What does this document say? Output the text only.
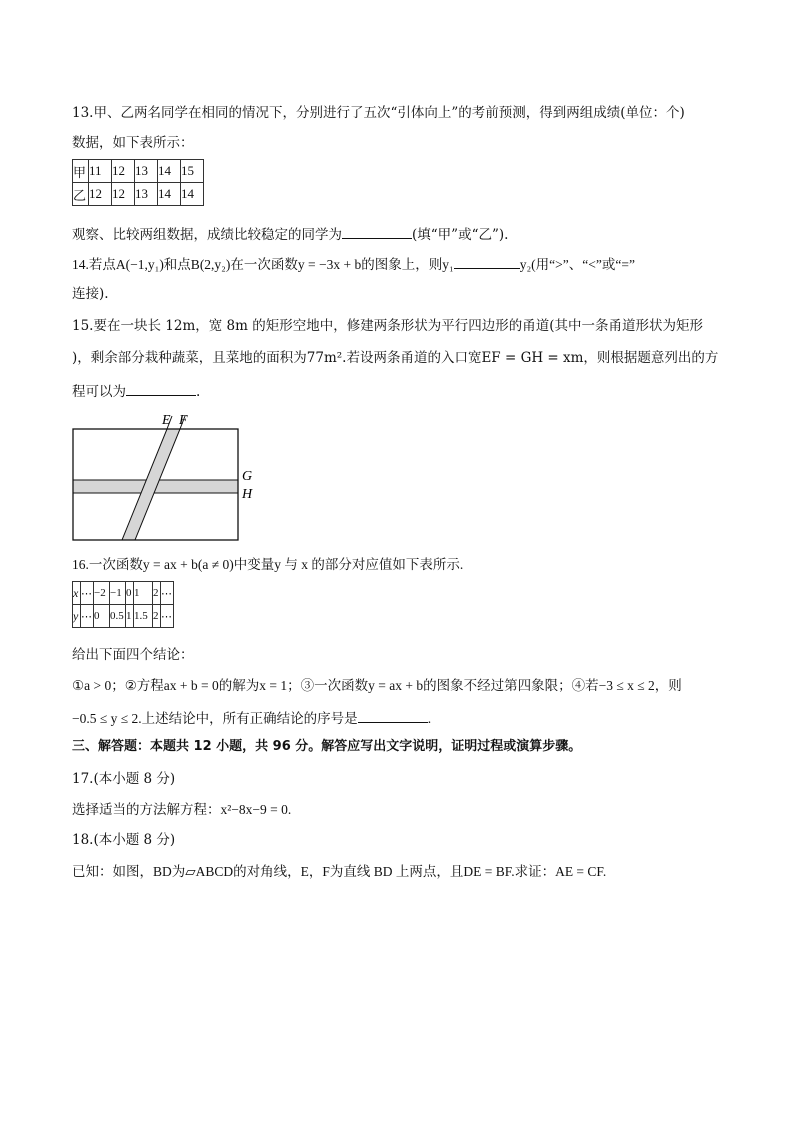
13.甲、乙两名同学在相同的情况下，分别进行了五次“引体向上”的考前预测，得到两组成绩(单位：个)
数据，如下表所示：
甲	11	12	13	14	15
乙	12	12	13	14	14
观察、比较两组数据，成绩比较稳定的同学为	(填“甲”或“乙”).
14.若点A(−1,y₁)和点B(2,y₂)在一次函数y = −3x + b的图象上，则y₁	y₂(用“>”、“<”或“=”
连接).
15.要在一块长 12m，宽 8m 的矩形空地中，修建两条形状为平行四边形的甬道(其中一条甬道形状为矩形
)，剩余部分栽种蔬菜，且菜地的面积为77m².若设两条甬道的入口宽EF = GH = xm，则根据题意列出的方
程可以为	.
E F
G
H
16.一次函数y = ax + b(a ≠ 0)中变量y 与 x 的部分对应值如下表所示.
x	⋯	−2	−1	0	1	2	⋯
y	⋯	0	0.5	1	1.5	2	⋯
给出下面四个结论：
①a > 0；②方程ax + b = 0的解为x = 1；③一次函数y = ax + b的图象不经过第四象限；④若−3 ≤ x ≤ 2，则
−0.5 ≤ y ≤ 2.上述结论中，所有正确结论的序号是	.
三、解答题：本题共 12 小题，共 96 分。解答应写出文字说明，证明过程或演算步骤。
17.(本小题 8 分)
选择适当的方法解方程：x²−8x−9 = 0.
18.(本小题 8 分)
已知：如图，BD为▱ABCD的对角线，E，F为直线 BD 上两点，且DE = BF.求证：AE = CF.
